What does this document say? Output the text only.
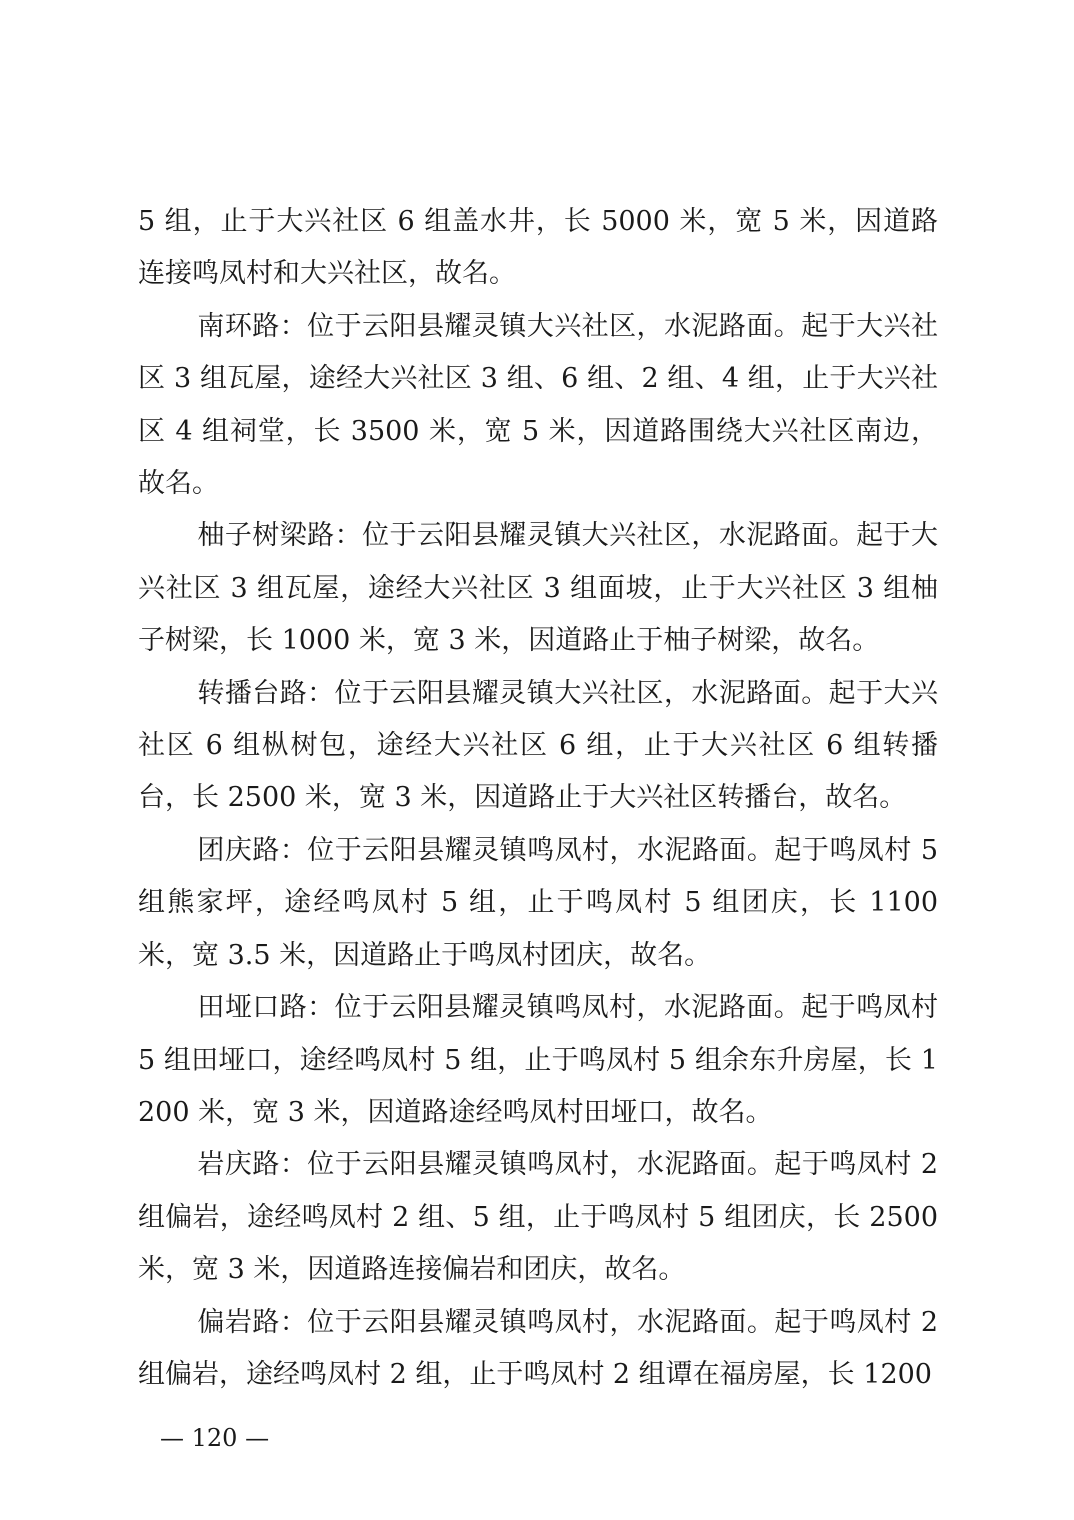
5 组，止于大兴社区 6 组盖水井，长 5000 米，宽 5 米，因道路连接鸣凤村和大兴社区，故名。

南环路：位于云阳县耀灵镇大兴社区，水泥路面。起于大兴社区 3 组瓦屋，途经大兴社区 3 组、6 组、2 组、4 组，止于大兴社区 4 组祠堂，长 3500 米，宽 5 米，因道路围绕大兴社区南边，故名。

柚子树梁路：位于云阳县耀灵镇大兴社区，水泥路面。起于大兴社区 3 组瓦屋，途经大兴社区 3 组面坡，止于大兴社区 3 组柚子树梁，长 1000 米，宽 3 米，因道路止于柚子树梁，故名。

转播台路：位于云阳县耀灵镇大兴社区，水泥路面。起于大兴社区 6 组枞树包，途经大兴社区 6 组，止于大兴社区 6 组转播台，长 2500 米，宽 3 米，因道路止于大兴社区转播台，故名。

团庆路：位于云阳县耀灵镇鸣凤村，水泥路面。起于鸣凤村 5 组熊家坪，途经鸣凤村 5 组，止于鸣凤村 5 组团庆，长 1100 米，宽 3.5 米，因道路止于鸣凤村团庆，故名。

田垭口路：位于云阳县耀灵镇鸣凤村，水泥路面。起于鸣凤村 5 组田垭口，途经鸣凤村 5 组，止于鸣凤村 5 组余东升房屋，长 1200 米，宽 3 米，因道路途经鸣凤村田垭口，故名。

岩庆路：位于云阳县耀灵镇鸣凤村，水泥路面。起于鸣凤村 2 组偏岩，途经鸣凤村 2 组、5 组，止于鸣凤村 5 组团庆，长 2500 米，宽 3 米，因道路连接偏岩和团庆，故名。

偏岩路：位于云阳县耀灵镇鸣凤村，水泥路面。起于鸣凤村 2 组偏岩，途经鸣凤村 2 组，止于鸣凤村 2 组谭在福房屋，长 1200

— 120 —
